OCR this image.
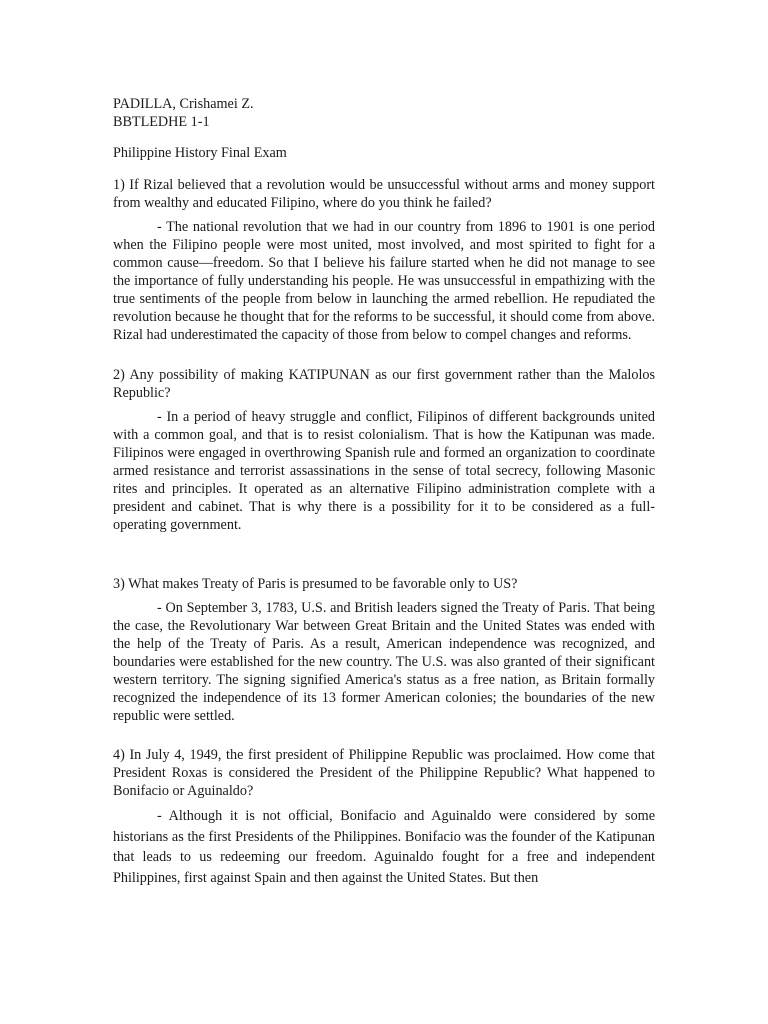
PADILLA, Crishamei Z.
BBTLEDHE 1-1
Philippine History Final Exam
1) If Rizal believed that a revolution would be unsuccessful without arms and money support from wealthy and educated Filipino, where do you think he failed?
- The national revolution that we had in our country from 1896 to 1901 is one period when the Filipino people were most united, most involved, and most spirited to fight for a common cause—freedom. So that I believe his failure started when he did not manage to see the importance of fully understanding his people. He was unsuccessful in empathizing with the true sentiments of the people from below in launching the armed rebellion. He repudiated the revolution because he thought that for the reforms to be successful, it should come from above. Rizal had underestimated the capacity of those from below to compel changes and reforms.
2) Any possibility of making KATIPUNAN as our first government rather than the Malolos Republic?
- In a period of heavy struggle and conflict, Filipinos of different backgrounds united with a common goal, and that is to resist colonialism. That is how the Katipunan was made. Filipinos were engaged in overthrowing Spanish rule and formed an organization to coordinate armed resistance and terrorist assassinations in the sense of total secrecy, following Masonic rites and principles. It operated as an alternative Filipino administration complete with a president and cabinet. That is why there is a possibility for it to be considered as a full-operating government.
3) What makes Treaty of Paris is presumed to be favorable only to US?
- On September 3, 1783, U.S. and British leaders signed the Treaty of Paris. That being the case, the Revolutionary War between Great Britain and the United States was ended with the help of the Treaty of Paris. As a result, American independence was recognized, and boundaries were established for the new country. The U.S. was also granted of their significant western territory. The signing signified America's status as a free nation, as Britain formally recognized the independence of its 13 former American colonies; the boundaries of the new republic were settled.
4) In July 4, 1949, the first president of Philippine Republic was proclaimed. How come that President Roxas is considered the President of the Philippine Republic? What happened to Bonifacio or Aguinaldo?
- Although it is not official, Bonifacio and Aguinaldo were considered by some historians as the first Presidents of the Philippines. Bonifacio was the founder of the Katipunan that leads to us redeeming our freedom. Aguinaldo fought for a free and independent Philippines, first against Spain and then against the United States. But then
